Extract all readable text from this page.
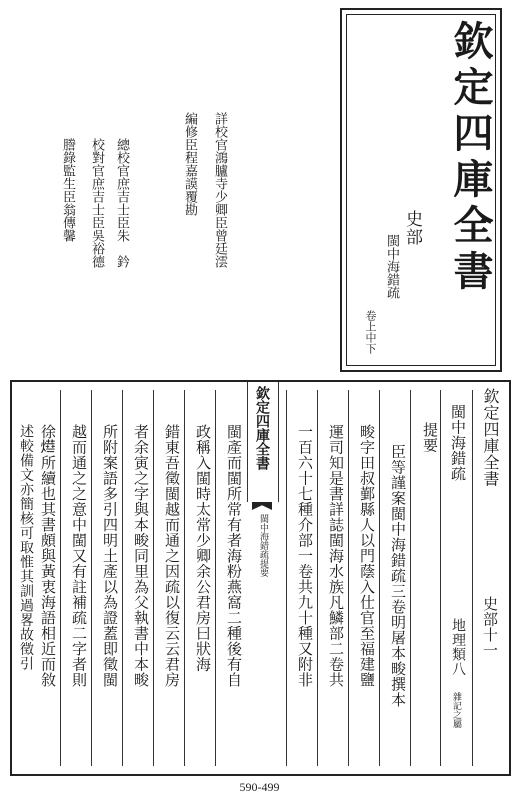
欽定四庫全書
史部
閩中海錯疏
卷上中下
詳校官鴻臚寺少卿臣曾廷澐
編修臣程嘉謨覆勘
總校官庶吉士臣朱　鈐
校對官庶吉士臣吳裕德
謄錄監生臣翁傳馨
欽定四庫全書
史部十一
閩中海錯疏
地理類八
雜記之屬
提要
欽定四庫全書
閩中海錯疏提要	臣等謹案閩中海錯疏三卷明屠本畯撰本
畯字田叔鄞縣人以門蔭入仕官至福建鹽
運司知是書詳誌閩海水族凡鱗部二卷共
一百六十七種介部一卷共九十種又附非
閩產而閩所常有者海粉燕窩二種後有自
政稱入閩時太常少卿余公君房曰狀海
錯東吾徵閩越而通之因疏以復云云君房
者余寅之字與本畯同里為父執書中本畯
所附案語多引四明土產以為證蓋即徵閩
越而通之之意中閩又有註補疏二字者則
徐𤍞所續也其書頗與黃衷海語相近而敘
述較備文亦簡核可取惟其訓過畧故徵引
590-499
